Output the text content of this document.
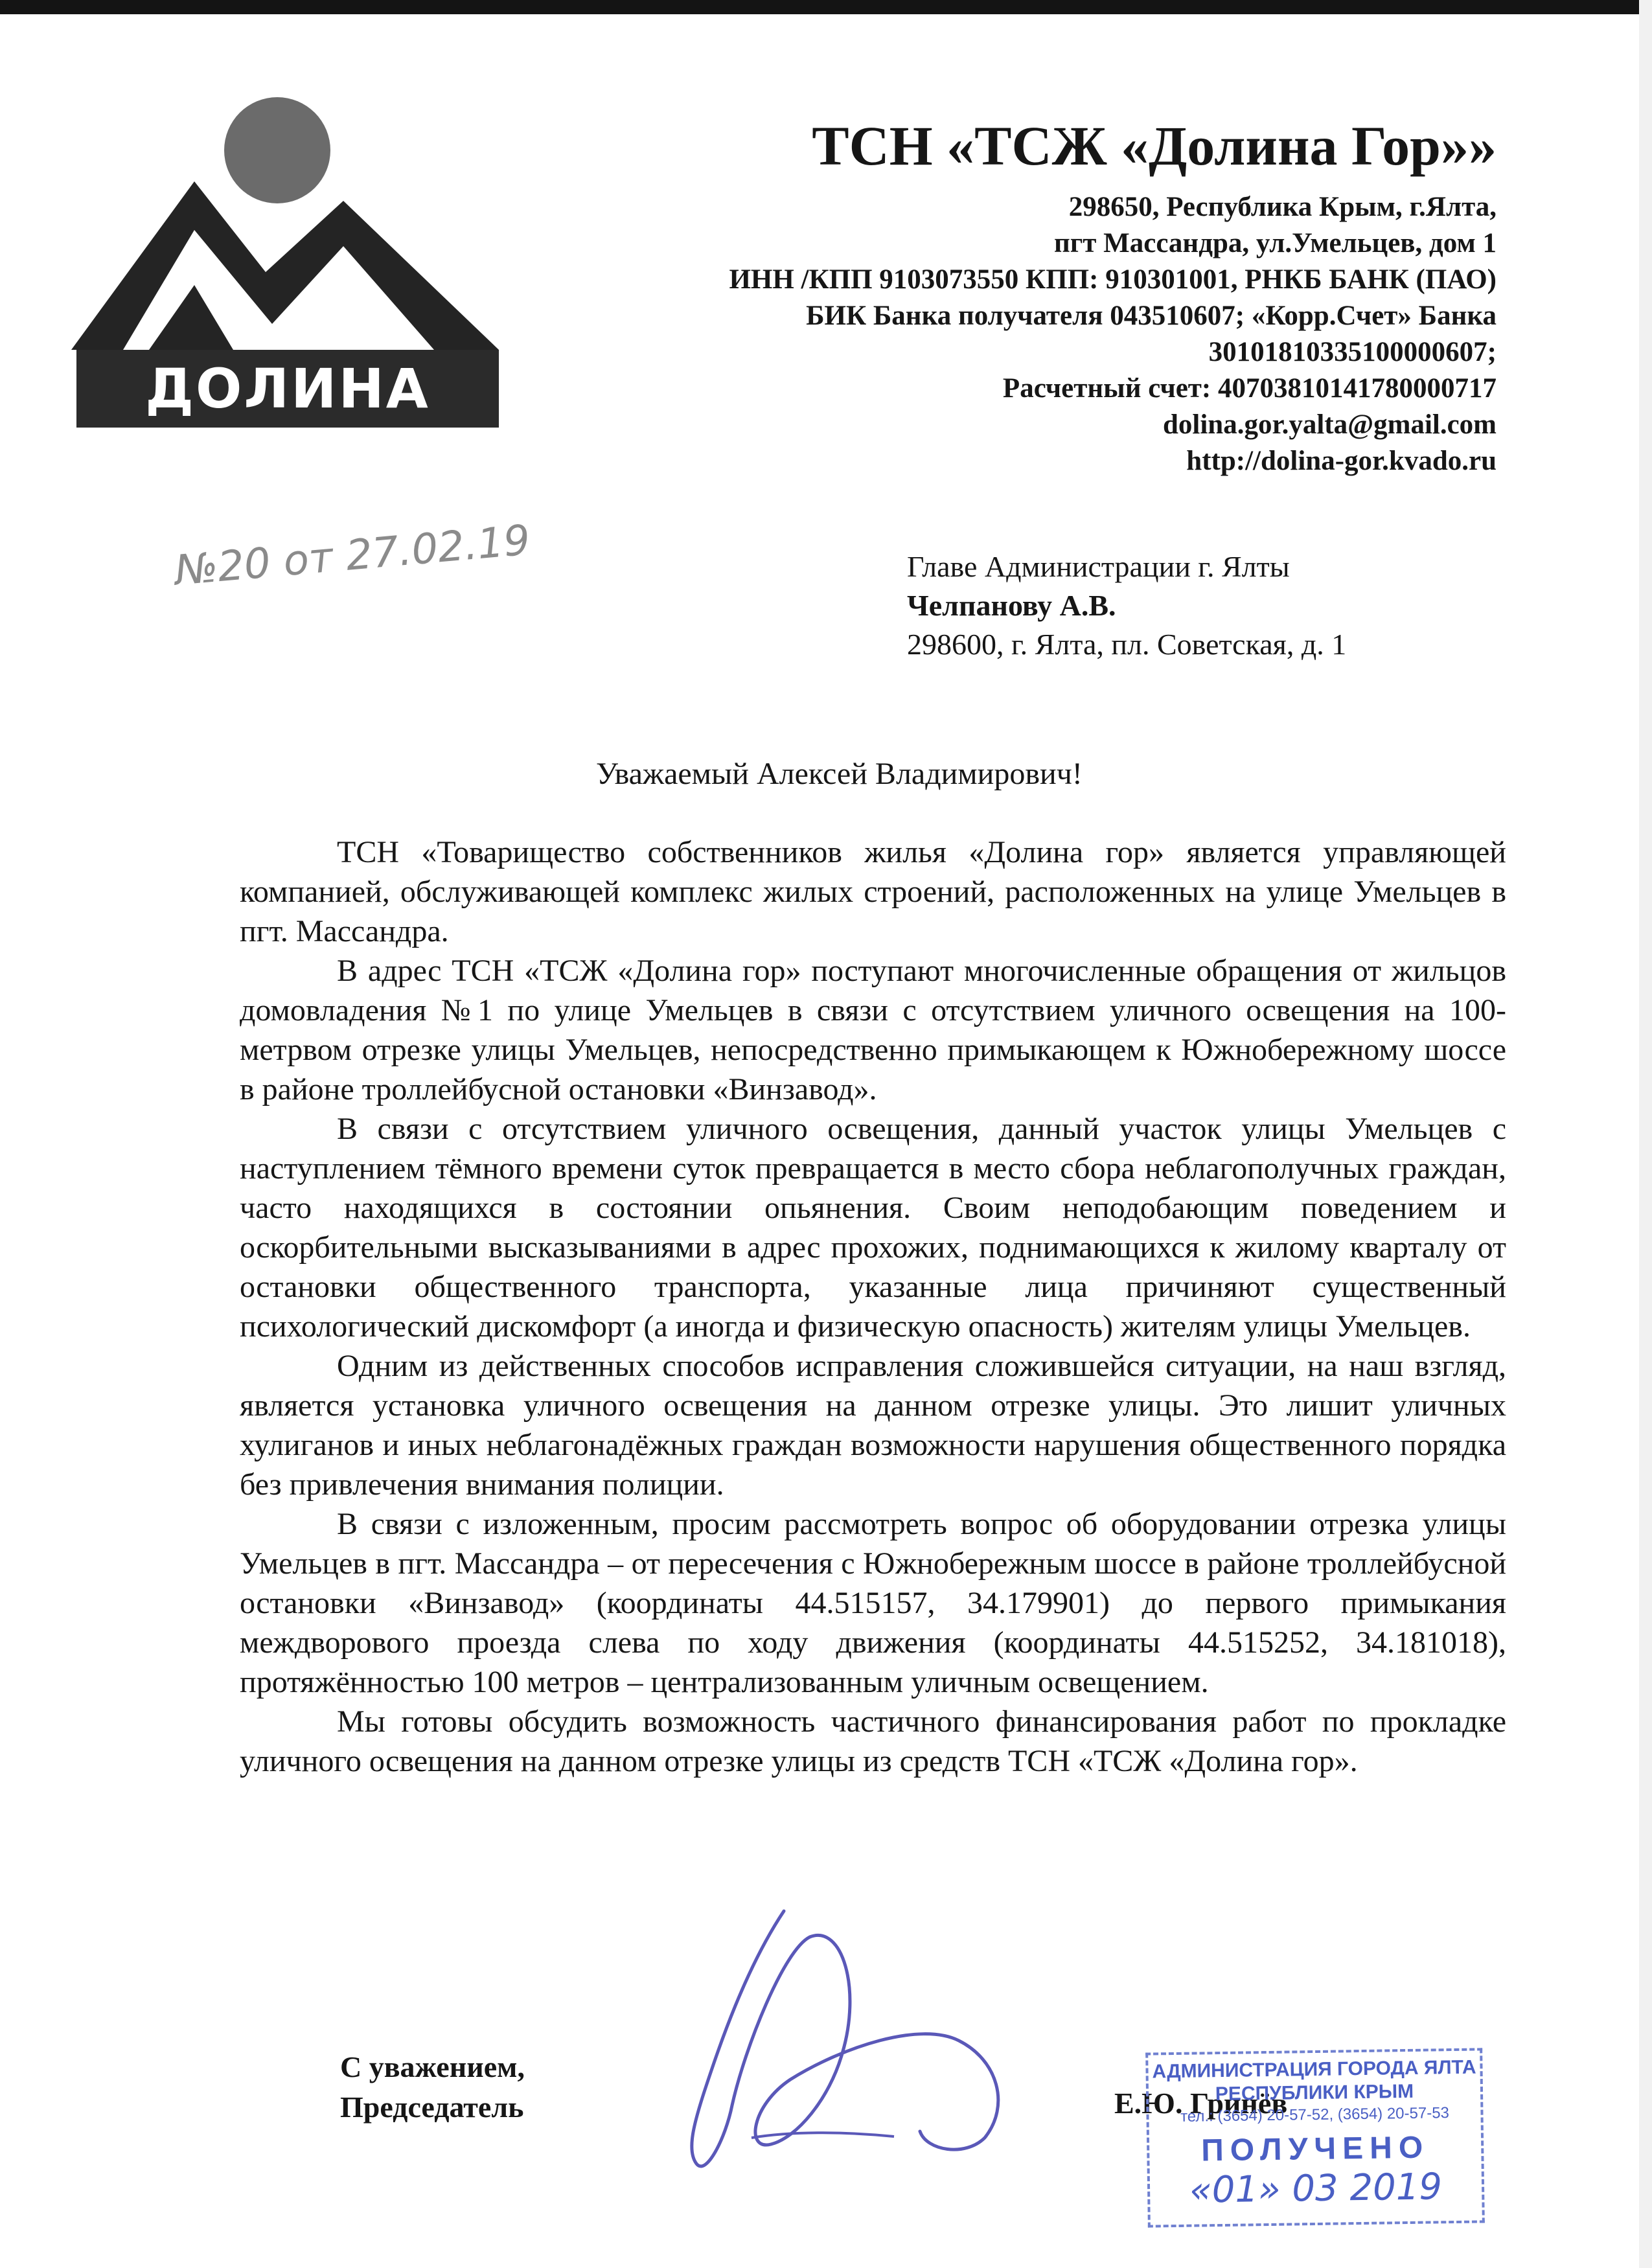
ДОЛИНА ГОР
ТСН «ТСЖ «Долина Гор»»
298650, Республика Крым, г.Ялта,
пгт Массандра, ул.Умельцев, дом 1
ИНН /КПП 9103073550 КПП: 910301001, РНКБ БАНК (ПАО)
БИК Банка получателя 043510607; «Корр.Счет» Банка
30101810335100000607;
Расчетный счет: 40703810141780000717
dolina.gor.yalta@gmail.com
http://dolina-gor.kvado.ru
№20 от 27.02.19	Главе Администрации г. Ялты
Челпанову А.В.
298600, г. Ялта, пл. Советская, д. 1
Уважаемый Алексей Владимирович!

ТСН «Товарищество собственников жилья «Долина гор» является управляющей компанией, обслуживающей комплекс жилых строений, расположенных на улице Умельцев в пгт. Массандра.

В адрес ТСН «ТСЖ «Долина гор» поступают многочисленные обращения от жильцов домовладения №1 по улице Умельцев в связи с отсутствием уличного освещения на 100-метрвом отрезке улицы Умельцев, непосредственно примыкающем к Южнобережному шоссе в районе троллейбусной остановки «Винзавод».

В связи с отсутствием уличного освещения, данный участок улицы Умельцев с наступлением тёмного времени суток превращается в место сбора неблагополучных граждан, часто находящихся в состоянии опьянения. Своим неподобающим поведением и оскорбительными высказываниями в адрес прохожих, поднимающихся к жилому кварталу от остановки общественного транспорта, указанные лица причиняют существенный психологический дискомфорт (а иногда и физическую опасность) жителям улицы Умельцев.

Одним из действенных способов исправления сложившейся ситуации, на наш взгляд, является установка уличного освещения на данном отрезке улицы. Это лишит уличных хулиганов и иных неблагонадёжных граждан возможности нарушения общественного порядка без привлечения внимания полиции.

В связи с изложенным, просим рассмотреть вопрос об оборудовании отрезка улицы Умельцев в пгт. Массандра – от пересечения с Южнобережным шоссе в районе троллейбусной остановки «Винзавод» (координаты 44.515157, 34.179901) до первого примыкания междворового проезда слева по ходу движения (координаты 44.515252, 34.181018), протяжённостью 100 метров – централизованным уличным освещением.

Мы готовы обсудить возможность частичного финансирования работ по прокладке уличного освещения на данном отрезке улицы из средств ТСН «ТСЖ «Долина гор».

С уважением,
Председатель	Е.Ю. Гринёв
АДМИНИСТРАЦИЯ ГОРОДА ЯЛТА
РЕСПУБЛИКИ КРЫМ
тел.: (3654) 20-57-52, (3654) 20-57-53
ПОЛУЧЕНО
«01» 03 2019
